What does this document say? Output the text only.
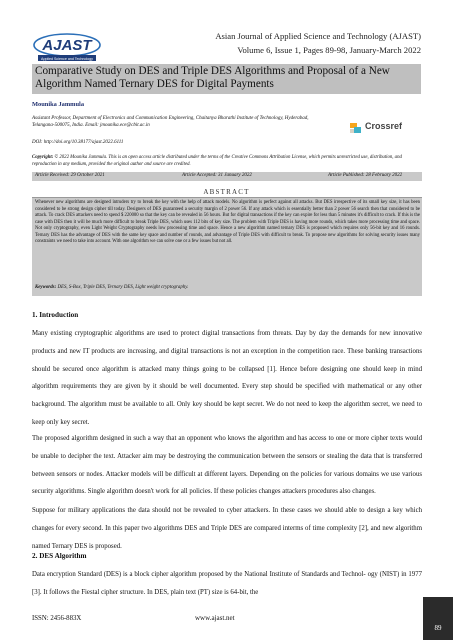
AJAST
Applied Science and Technology
Asian Journal of Applied Science and Technology (AJAST)
Volume 6, Issue 1, Pages 89-98, January-March 2022
Comparative Study on DES and Triple DES Algorithms and Proposal of a New Algorithm Named Ternary DES for Digital Payments
Mounika Jammula
Assistant Professor, Department of Electronics and Communication Engineering, Chaitanya Bharathi Institute of Technology, Hyderabad, Telangana-500075, India. Email: jmounika.ece@cbit.ac.in	Crossref
DOI: http://doi.org/10.38177/ajast.2022.6111
Copyright: © 2022 Mounika Jammula. This is an open access article distributed under the terms of the Creative Commons Attribution License, which permits unrestricted use, distribution, and reproduction in any medium, provided the original author and source are credited.
Article Received: 29 October 2021	Article Accepted: 31 January 2022	Article Published: 28 February 2022
ABSTRACT
Whenever new algorithms are designed intruders try to break the key with the help of attack models. No algorithm is perfect against all attacks. But DES irrespective of its small key size, it has been considered to be strong design cipher till today. Designers of DES guaranteed a security margin of 2 power 56. If any attack which is essentially better than 2 power 56 search then that considered to be attack. To crack DES attackers need to spend $ 220000 so that the key can be revealed in 56 hours. But for digital transactions if the key can expire for less than 5 minutes it's difficult to crack. If this is the case with DES then it will be much more difficult to break Triple DES, which uses 112 bits of key size. The problem with Triple DES is having more rounds, which takes more processing time and space. Not only cryptography, even Light Weight Cryptography needs low processing time and space. Hence a new algorithm named ternary DES is proposed which requires only 56-bit key and 16 rounds. Ternary DES has the advantage of DES with the same key space and number of rounds, and advantage of Triple DES with difficult to break. To propose new algorithms for solving security issues many constraints we need to take into account. With one algorithm we can solve one or a few issues but not all.
Keywords: DES, S-Box, Triple DES, Ternary DES, Light weight cryptography.
1. Introduction

Many existing cryptographic algorithms are used to protect digital transactions from threats. Day by day the demands for new innovative products and new IT products are increasing, and digital transactions is not an exception in the competition race. These banking transactions should be secured once algorithm is attacked many things going to be collapsed [1]. Hence before designing one should keep in mind algorithm requirements they are given by it should be well documented. Every step should be specified with mathematical or any other background. The algorithm must be available to all. Only key should be kept secret. We do not need to keep the algorithm secret, we need to keep only key secret.

The proposed algorithm designed in such a way that an opponent who knows the algorithm and has access to one or more cipher texts would be unable to decipher the text. Attacker aim may be destroying the communication between the sensors or stealing the data that is transferred between sensors or nodes. Attacker models will be difficult at different layers. Depending on the policies for various domains we use various security algorithms. Single algorithm doesn't work for all policies. If these policies changes attackers procedures also changes.

Suppose for military applications the data should not be revealed to cyber attackers. In these cases we should able to design a key which changes for every second. In this paper two algorithms DES and Triple DES are compared interms of time complexity [2], and new algorithm named Ternary DES is proposed.

2. DES Algorithm

Data encryption Standard (DES) is a block cipher algorithm proposed by the National Institute of Standards and Technol- ogy (NIST) in 1977 [3]. It follows the Fiestal cipher structure. In DES, plain text (PT) size is 64-bit, the

ISSN: 2456-883X	www.ajast.net
89
